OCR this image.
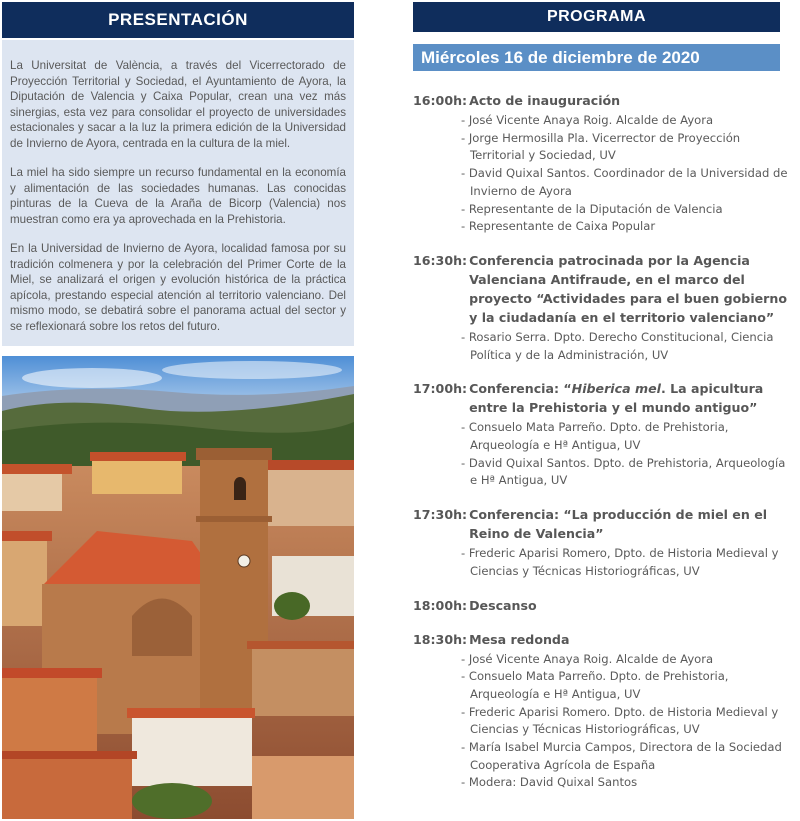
PRESENTACIÓN

La Universitat de València, a través del Vicerrectorado de Proyección Territorial y Sociedad, el Ayuntamiento de Ayora, la Diputación de Valencia y Caixa Popular, crean una vez más sinergias, esta vez para consolidar el proyecto de universidades estacionales y sacar a la luz la primera edición de la Universidad de Invierno de Ayora, centrada en la cultura de la miel.

La miel ha sido siempre un recurso fundamental en la economía y alimentación de las sociedades humanas. Las conocidas pinturas de la Cueva de la Araña de Bicorp (Valencia) nos muestran como era ya aprovechada en la Prehistoria.

En la Universidad de Invierno de Ayora, localidad famosa por su tradición colmenera y por la celebración del Primer Corte de la Miel, se analizará el origen y evolución histórica de la práctica apícola, prestando especial atención al territorio valenciano. Del mismo modo, se debatirá sobre el panorama actual del sector y se reflexionará sobre los retos del futuro.

PROGRAMA
Miércoles 16 de diciembre de 2020
16:00h: Acto de inauguración
- José Vicente Anaya Roig. Alcalde de Ayora
- Jorge Hermosilla Pla. Vicerrector de Proyección Territorial y Sociedad, UV
- David Quixal Santos. Coordinador de la Universidad de Invierno de Ayora
- Representante de la Diputación de Valencia
- Representante de Caixa Popular
16:30h: Conferencia patrocinada por la Agencia Valenciana Antifraude, en el marco del proyecto “Actividades para el buen gobierno y la ciudadanía en el territorio valenciano”
- Rosario Serra. Dpto. Derecho Constitucional, Ciencia Política y de la Administración, UV
17:00h: Conferencia: “Hiberica mel. La apicultura entre la Prehistoria y el mundo antiguo”
- Consuelo Mata Parreño. Dpto. de Prehistoria, Arqueología e Hª Antigua, UV
- David Quixal Santos. Dpto. de Prehistoria, Arqueología e Hª Antigua, UV
17:30h: Conferencia: “La producción de miel en el Reino de Valencia”
- Frederic Aparisi Romero, Dpto. de Historia Medieval y Ciencias y Técnicas Historiográficas, UV
18:00h: Descanso
18:30h: Mesa redonda
- José Vicente Anaya Roig. Alcalde de Ayora
- Consuelo Mata Parreño. Dpto. de Prehistoria, Arqueología e Hª Antigua, UV
- Frederic Aparisi Romero. Dpto. de Historia Medieval y Ciencias y Técnicas Historiográficas, UV
- María Isabel Murcia Campos, Directora de la Sociedad Cooperativa Agrícola de España
- Modera: David Quixal Santos
